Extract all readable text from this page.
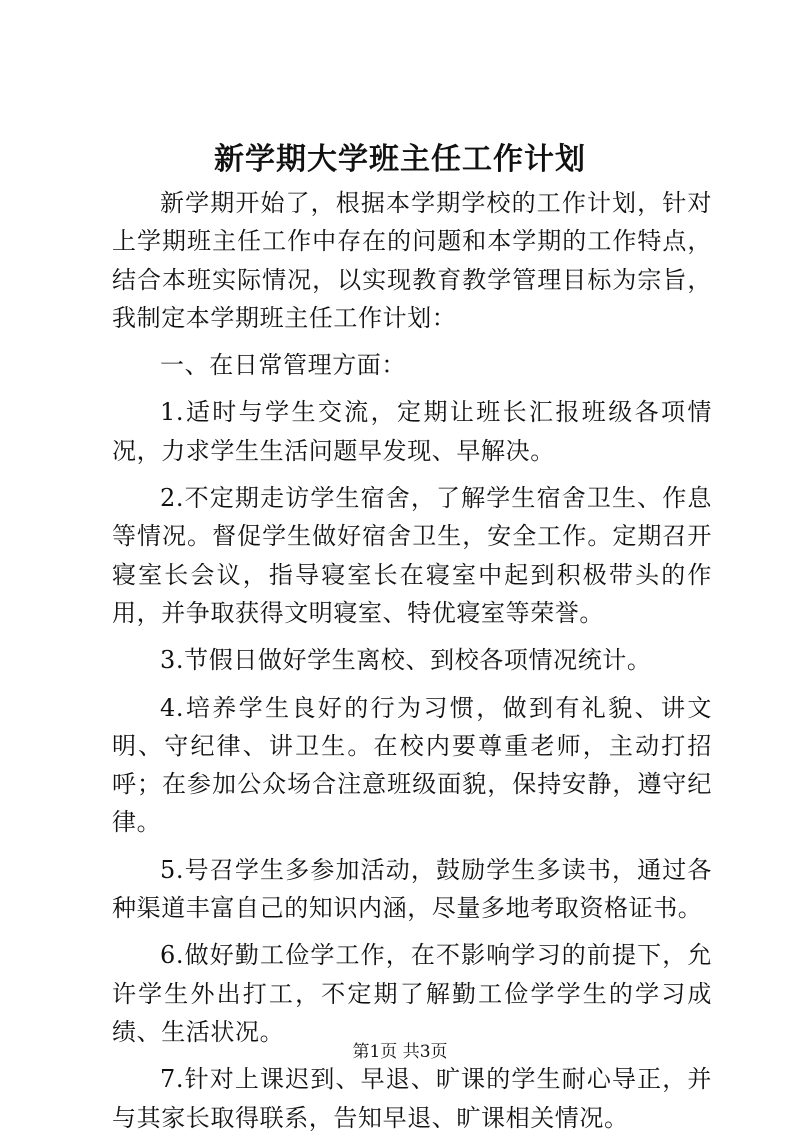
新学期大学班主任工作计划

新学期开始了，根据本学期学校的工作计划，针对上学期班主任工作中存在的问题和本学期的工作特点，结合本班实际情况，以实现教育教学管理目标为宗旨，我制定本学期班主任工作计划：

一、在日常管理方面：

1.适时与学生交流，定期让班长汇报班级各项情况，力求学生生活问题早发现、早解决。

2.不定期走访学生宿舍，了解学生宿舍卫生、作息等情况。督促学生做好宿舍卫生，安全工作。定期召开寝室长会议，指导寝室长在寝室中起到积极带头的作用，并争取获得文明寝室、特优寝室等荣誉。

3.节假日做好学生离校、到校各项情况统计。

4.培养学生良好的行为习惯，做到有礼貌、讲文明、守纪律、讲卫生。在校内要尊重老师，主动打招呼；在参加公众场合注意班级面貌，保持安静，遵守纪律。

5.号召学生多参加活动，鼓励学生多读书，通过各种渠道丰富自己的知识内涵，尽量多地考取资格证书。

6.做好勤工俭学工作，在不影响学习的前提下，允许学生外出打工，不定期了解勤工俭学学生的学习成绩、生活状况。

7.针对上课迟到、早退、旷课的学生耐心导正，并与其家长取得联系，告知早退、旷课相关情况。

第1页 共3页
